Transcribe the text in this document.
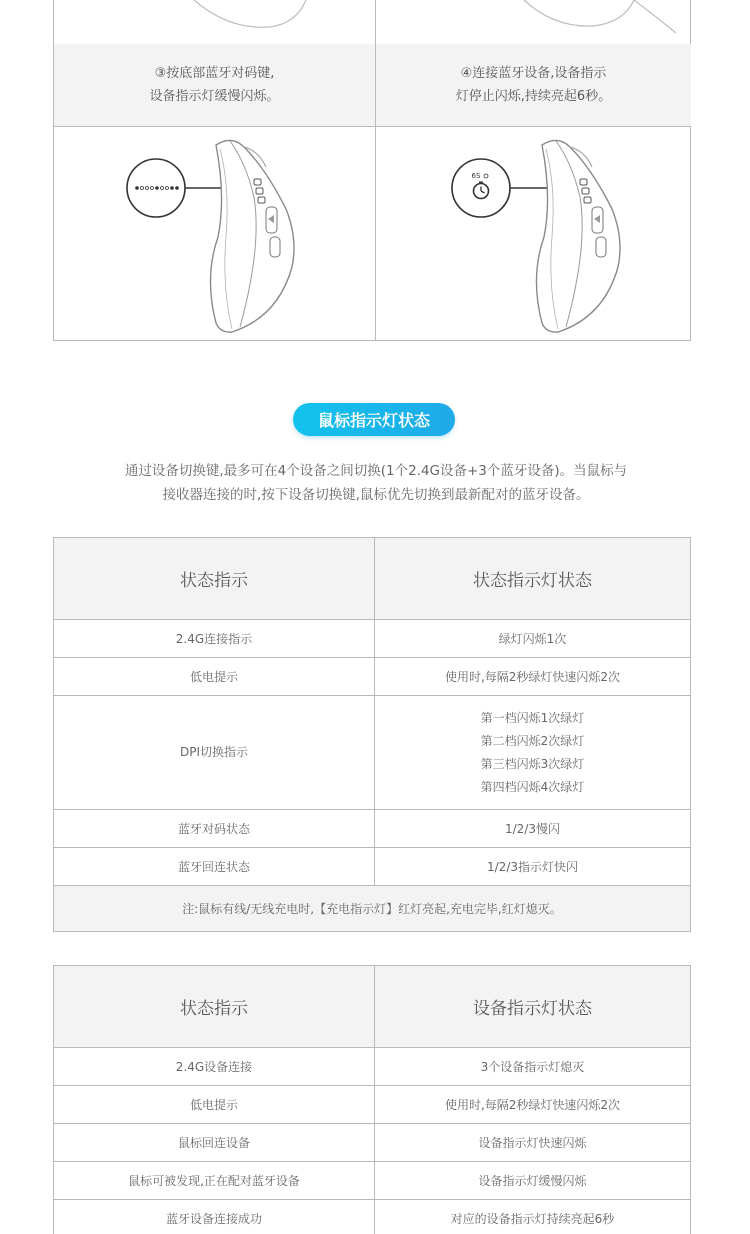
③按底部蓝牙对码键,
设备指示灯缓慢闪烁。
④连接蓝牙设备,设备指示
灯停止闪烁,持续亮起6秒。
6S
鼠标指示灯状态
通过设备切换键,最多可在4个设备之间切换(1个2.4G设备+3个蓝牙设备)。当鼠标与
接收器连接的时,按下设备切换键,鼠标优先切换到最新配对的蓝牙设备。
状态指示	状态指示灯状态
2.4G连接指示	绿灯闪烁1次
低电提示	使用时,每隔2秒绿灯快速闪烁2次
DPI切换指示	第一档闪烁1次绿灯
第二档闪烁2次绿灯
第三档闪烁3次绿灯
第四档闪烁4次绿灯

蓝牙对码状态	1/2/3慢闪
蓝牙回连状态	1/2/3指示灯快闪
注:鼠标有线/无线充电时,【充电指示灯】红灯亮起,充电完毕,红灯熄灭。	
状态指示	设备指示灯状态
2.4G设备连接	3个设备指示灯熄灭
低电提示	使用时,每隔2秒绿灯快速闪烁2次
鼠标回连设备	设备指示灯快速闪烁
鼠标可被发现,正在配对蓝牙设备	设备指示灯缓慢闪烁
蓝牙设备连接成功	对应的设备指示灯持续亮起6秒
